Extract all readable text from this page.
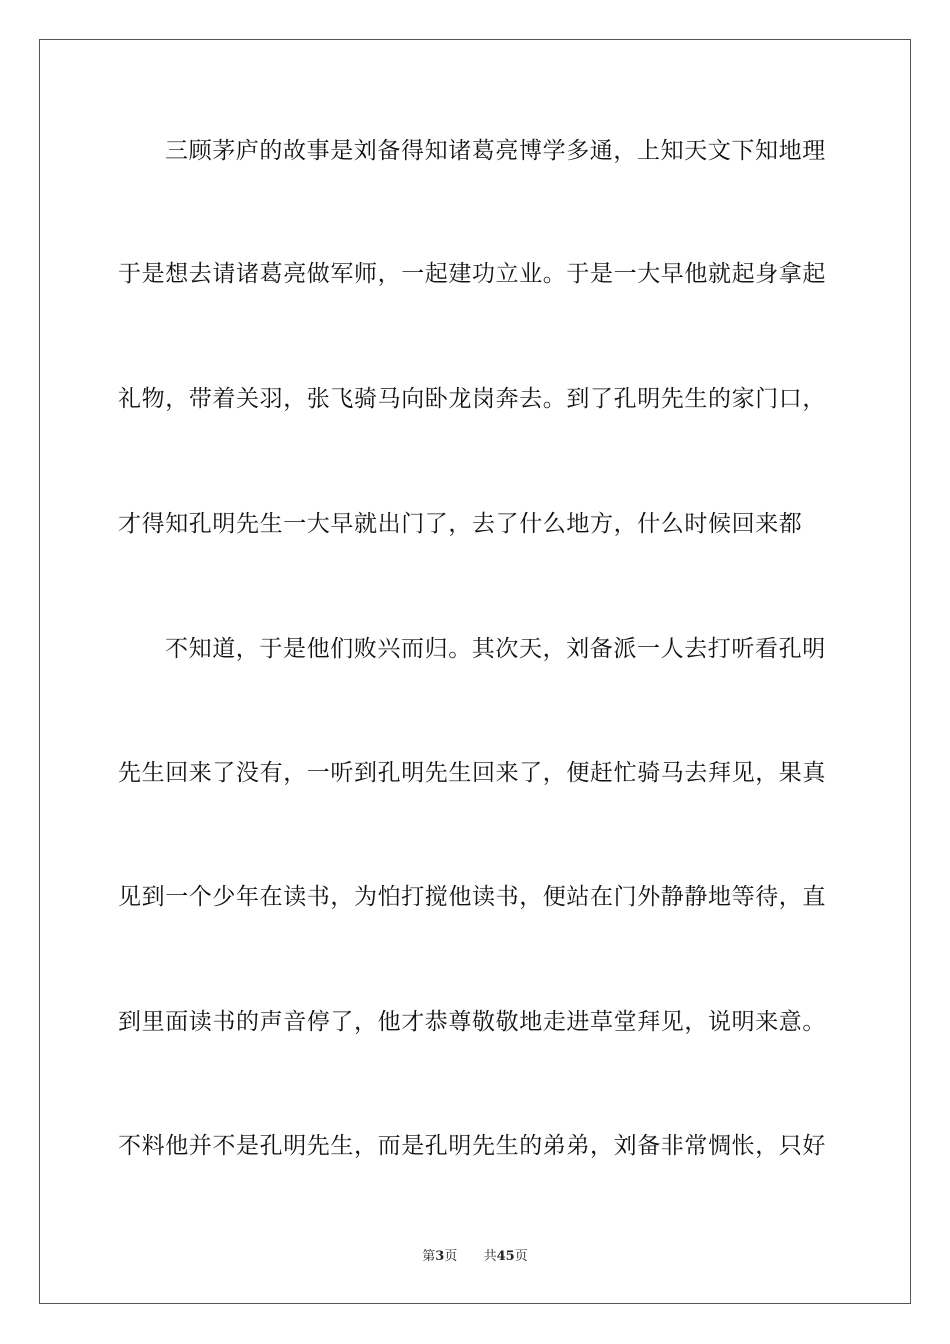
三顾茅庐的故事是刘备得知诸葛亮博学多通，上知天文下知地理
于是想去请诸葛亮做军师，一起建功立业。于是一大早他就起身拿起
礼物，带着关羽，张飞骑马向卧龙岗奔去。到了孔明先生的家门口，
才得知孔明先生一大早就出门了，去了什么地方，什么时候回来都
不知道，于是他们败兴而归。其次天，刘备派一人去打听看孔明
先生回来了没有，一听到孔明先生回来了，便赶忙骑马去拜见，果真
见到一个少年在读书，为怕打搅他读书，便站在门外静静地等待，直
到里面读书的声音停了，他才恭尊敬敬地走进草堂拜见，说明来意。
不料他并不是孔明先生，而是孔明先生的弟弟，刘备非常惆怅，只好
第3页 共45页
